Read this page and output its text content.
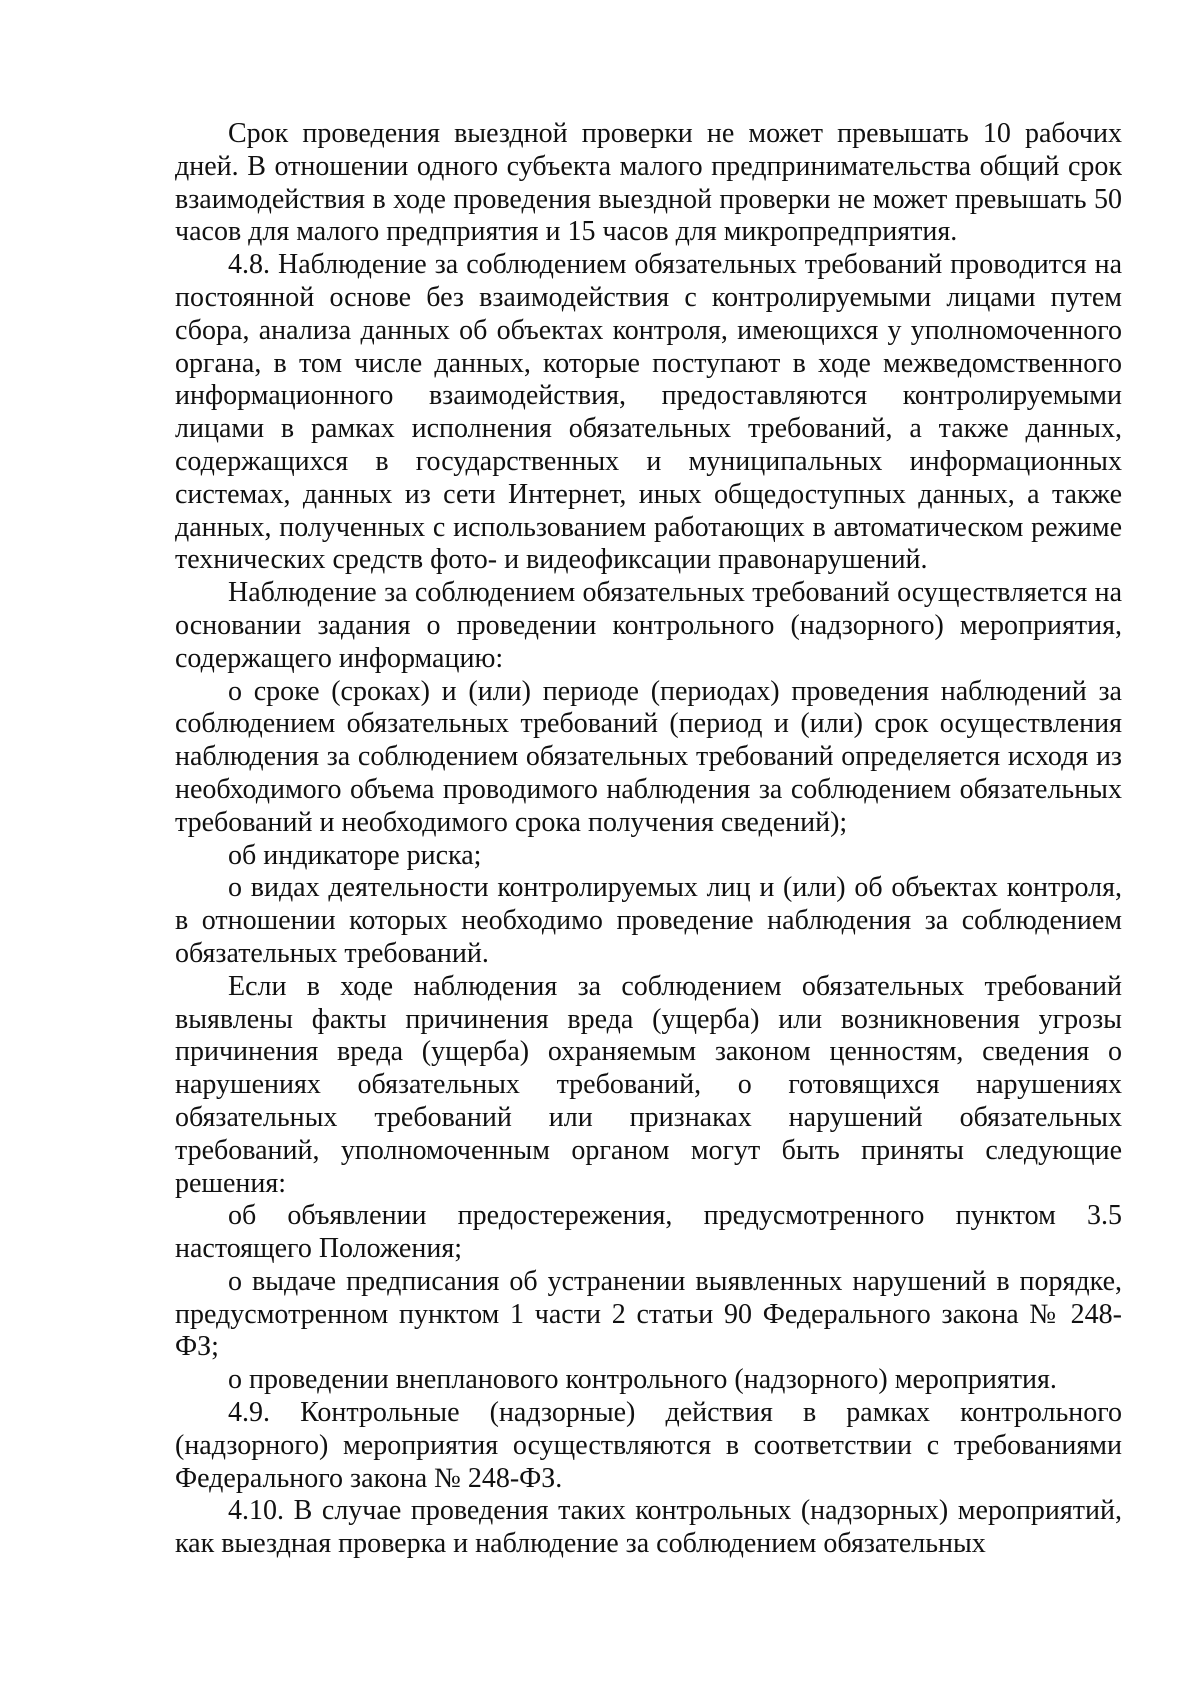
Срок проведения выездной проверки не может превышать 10 рабочих дней. В отношении одного субъекта малого предпринимательства общий срок взаимодействия в ходе проведения выездной проверки не может превышать 50 часов для малого предприятия и 15 часов для микропредприятия.

4.8. Наблюдение за соблюдением обязательных требований проводится на постоянной основе без взаимодействия с контролируемыми лицами путем сбора, анализа данных об объектах контроля, имеющихся у уполномоченного органа, в том числе данных, которые поступают в ходе межведомственного информационного взаимодействия, предоставляются контролируемыми лицами в рамках исполнения обязательных требований, а также данных, содержащихся в государственных и муниципальных информационных системах, данных из сети Интернет, иных общедоступных данных, а также данных, полученных с использованием работающих в автоматическом режиме технических средств фото- и видеофиксации правонарушений.

Наблюдение за соблюдением обязательных требований осуществляется на основании задания о проведении контрольного (надзорного) мероприятия, содержащего информацию:

о сроке (сроках) и (или) периоде (периодах) проведения наблюдений за соблюдением обязательных требований (период и (или) срок осуществления наблюдения за соблюдением обязательных требований определяется исходя из необходимого объема проводимого наблюдения за соблюдением обязательных требований и необходимого срока получения сведений);

об индикаторе риска;

о видах деятельности контролируемых лиц и (или) об объектах контроля, в отношении которых необходимо проведение наблюдения за соблюдением обязательных требований.

Если в ходе наблюдения за соблюдением обязательных требований выявлены факты причинения вреда (ущерба) или возникновения угрозы причинения вреда (ущерба) охраняемым законом ценностям, сведения о нарушениях обязательных требований, о готовящихся нарушениях обязательных требований или признаках нарушений обязательных требований, уполномоченным органом могут быть приняты следующие решения:

об объявлении предостережения, предусмотренного пунктом 3.5 настоящего Положения;

о выдаче предписания об устранении выявленных нарушений в порядке, предусмотренном пунктом 1 части 2 статьи 90 Федерального закона № 248-ФЗ;

о проведении внепланового контрольного (надзорного) мероприятия.

4.9. Контрольные (надзорные) действия в рамках контрольного (надзорного) мероприятия осуществляются в соответствии с требованиями Федерального закона № 248-ФЗ.

4.10. В случае проведения таких контрольных (надзорных) мероприятий, как выездная проверка и наблюдение за соблюдением обязательных
